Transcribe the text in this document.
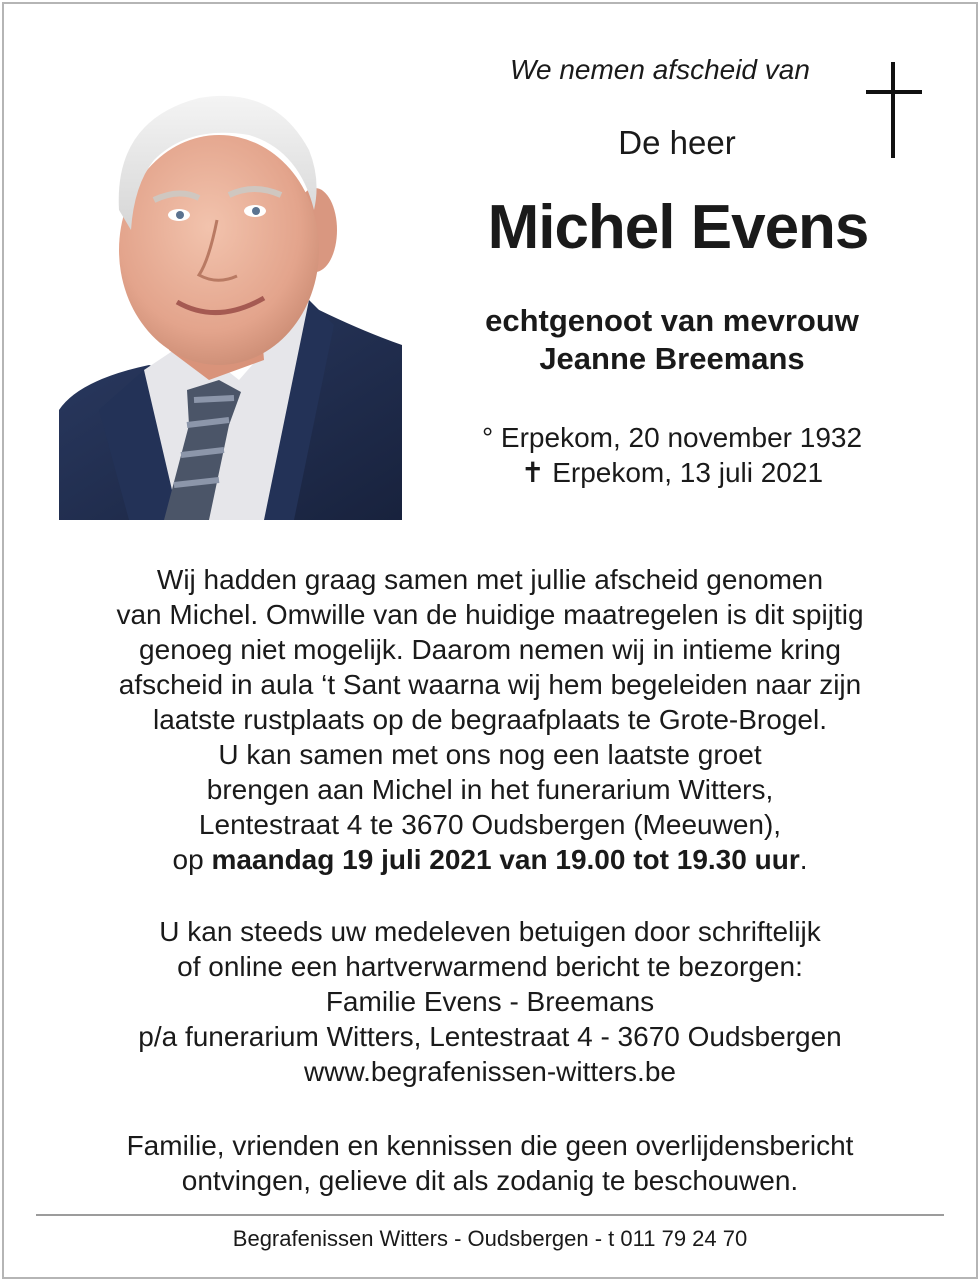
We nemen afscheid van
De heer
Michel Evens
echtgenoot van mevrouw
Jeanne Breemans
° Erpekom, 20 november 1932
✝ Erpekom, 13 juli 2021
Wij hadden graag samen met jullie afscheid genomen
van Michel. Omwille van de huidige maatregelen is dit spijtig
genoeg niet mogelijk. Daarom nemen wij in intieme kring
afscheid in aula ‘t Sant waarna wij hem begeleiden naar zijn
laatste rustplaats op de begraafplaats te Grote-Brogel.
U kan samen met ons nog een laatste groet
brengen aan Michel in het funerarium Witters,
Lentestraat 4 te 3670 Oudsbergen (Meeuwen),
op maandag 19 juli 2021 van 19.00 tot 19.30 uur.
U kan steeds uw medeleven betuigen door schriftelijk
of online een hartverwarmend bericht te bezorgen:
Familie Evens - Breemans
p/a funerarium Witters, Lentestraat 4 - 3670 Oudsbergen
www.begrafenissen-witters.be
Familie, vrienden en kennissen die geen overlijdensbericht
ontvingen, gelieve dit als zodanig te beschouwen.
Begrafenissen Witters - Oudsbergen - t 011 79 24 70
